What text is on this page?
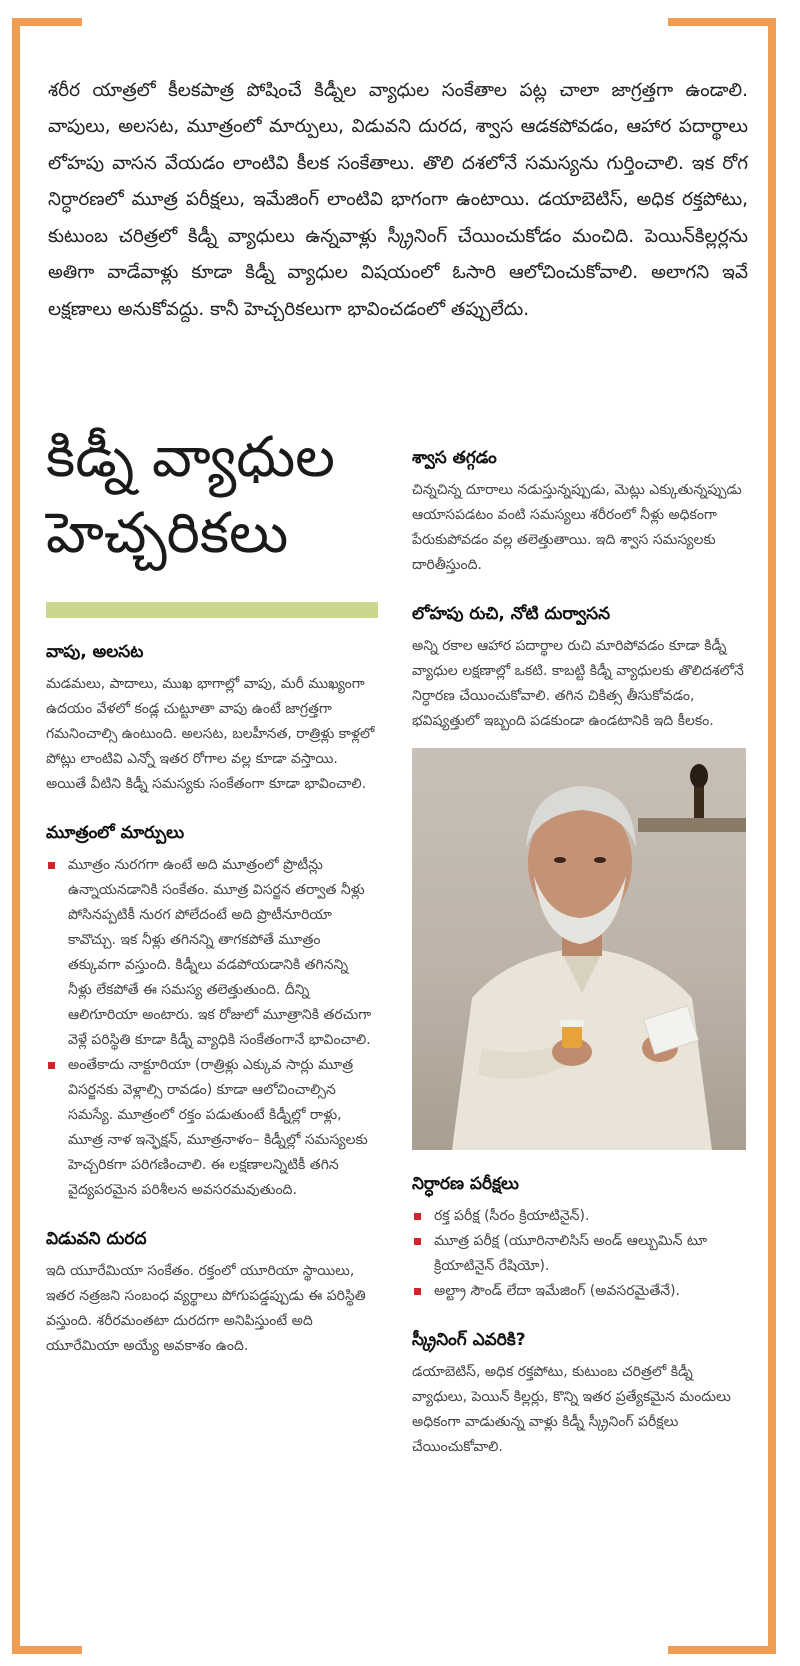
శరీర యాత్రలో కీలకపాత్ర పోషించే కిడ్నీల వ్యాధుల సంకేతాల పట్ల చాలా జాగ్రత్తగా ఉండాలి. వాపులు, అలసట, మూత్రంలో మార్పులు, విడువని దురద, శ్వాస ఆడకపోవడం, ఆహార పదార్థాలు లోహపు వాసన వేయడం లాంటివి కీలక సంకేతాలు. తొలి దశలోనే సమస్యను గుర్తించాలి. ఇక రోగ నిర్ధారణలో మూత్ర పరీక్షలు, ఇమేజింగ్ లాంటివి భాగంగా ఉంటాయి. డయాబెటిస్, అధిక రక్తపోటు, కుటుంబ చరిత్రలో కిడ్నీ వ్యాధులు ఉన్నవాళ్లు స్క్రీనింగ్ చేయించుకోడం మంచిది. పెయిన్‌కిల్లర్లను అతిగా వాడేవాళ్లు కూడా కిడ్నీ వ్యాధుల విషయంలో ఓసారి ఆలోచించుకోవాలి. అలాగని ఇవే లక్షణాలు అనుకోవద్దు. కానీ హెచ్చరికలుగా భావించడంలో తప్పులేదు.

కిడ్నీ వ్యాధుల
హెచ్చరికలు
వాపు, అలసట

మడమలు, పాదాలు, ముఖ భాగాల్లో వాపు, మరీ ముఖ్యంగా ఉదయం వేళలో కండ్ల చుట్టూతా వాపు ఉంటే జాగ్రత్తగా గమనించాల్సి ఉంటుంది. అలసట, బలహీనత, రాత్రిళ్లు కాళ్లలో పోట్లు లాంటివి ఎన్నో ఇతర రోగాల వల్ల కూడా వస్తాయి. అయితే వీటిని కిడ్నీ సమస్యకు సంకేతంగా కూడా భావించాలి.

మూత్రంలో మార్పులు
మూత్రం నురగగా ఉంటే అది మూత్రంలో ప్రొటీన్లు ఉన్నాయనడానికి సంకేతం. మూత్ర విసర్జన తర్వాత నీళ్లు పోసినప్పటికీ నురగ పోలేదంటే అది ప్రొటీనూరియా కావొచ్చు. ఇక నీళ్లు తగినన్ని తాగకపోతే మూత్రం తక్కువగా వస్తుంది. కిడ్నీలు వడపోయడానికి తగినన్ని నీళ్లు లేకపోతే ఈ సమస్య తలెత్తుతుంది. దీన్ని ఆలిగూరియా అంటారు. ఇక రోజులో మూత్రానికి తరచుగా వెళ్లే పరిస్థితి కూడా కిడ్నీ వ్యాధికి సంకేతంగానే భావించాలి.
అంతేకాదు నాక్టూరియా (రాత్రిళ్లు ఎక్కువ సార్లు మూత్ర విసర్జనకు వెళ్లాల్సి రావడం) కూడా ఆలోచించాల్సిన సమస్యే. మూత్రంలో రక్తం పడుతుంటే కిడ్నీల్లో రాళ్లు, మూత్ర నాళ ఇన్ఫెక్షన్, మూత్రనాళం– కిడ్నీల్లో సమస్యలకు హెచ్చరికగా పరిగణించాలి. ఈ లక్షణాలన్నిటికీ తగిన వైద్యపరమైన పరిశీలన అవసరమవుతుంది.
విడువని దురద

ఇది యూరేమియా సంకేతం. రక్తంలో యూరియా స్థాయిలు, ఇతర నత్రజని సంబంధ వ్యర్థాలు పోగుపడ్డప్పుడు ఈ పరిస్థితి వస్తుంది. శరీరమంతటా దురదగా అనిపిస్తుంటే అది యూరేమియా అయ్యే అవకాశం ఉంది.

శ్వాస తగ్గడం

చిన్నచిన్న దూరాలు నడుస్తున్నప్పుడు, మెట్లు ఎక్కుతున్నప్పుడు ఆయాసపడటం వంటి సమస్యలు శరీరంలో నీళ్లు అధికంగా పేరుకుపోవడం వల్ల తలెత్తుతాయి. ఇది శ్వాస సమస్యలకు దారితీస్తుంది.

లోహపు రుచి, నోటి దుర్వాసన

అన్ని రకాల ఆహార పదార్థాల రుచి మారిపోవడం కూడా కిడ్నీ వ్యాధుల లక్షణాల్లో ఒకటి. కాబట్టి కిడ్నీ వ్యాధులకు తొలిదశలోనే నిర్ధారణ చేయించుకోవాలి. తగిన చికిత్స తీసుకోవడం, భవిష్యత్తులో ఇబ్బంది పడకుండా ఉండటానికి ఇది కీలకం.

నిర్ధారణ పరీక్షలు
రక్త పరీక్ష (సీరం క్రియాటినైన్).
మూత్ర పరీక్ష (యూరినాలిసిస్ అండ్ ఆల్బుమిన్ టూ క్రియాటినైన్ రేషియో).
అల్ట్రా సౌండ్ లేదా ఇమేజింగ్ (అవసరమైతేనే).
స్క్రీనింగ్ ఎవరికి?

డయాబెటిస్, అధిక రక్తపోటు, కుటుంబ చరిత్రలో కిడ్నీ వ్యాధులు, పెయిన్ కిల్లర్లు, కొన్ని ఇతర ప్రత్యేకమైన మందులు అధికంగా వాడుతున్న వాళ్లు కిడ్నీ స్క్రీనింగ్ పరీక్షలు చేయించుకోవాలి.
